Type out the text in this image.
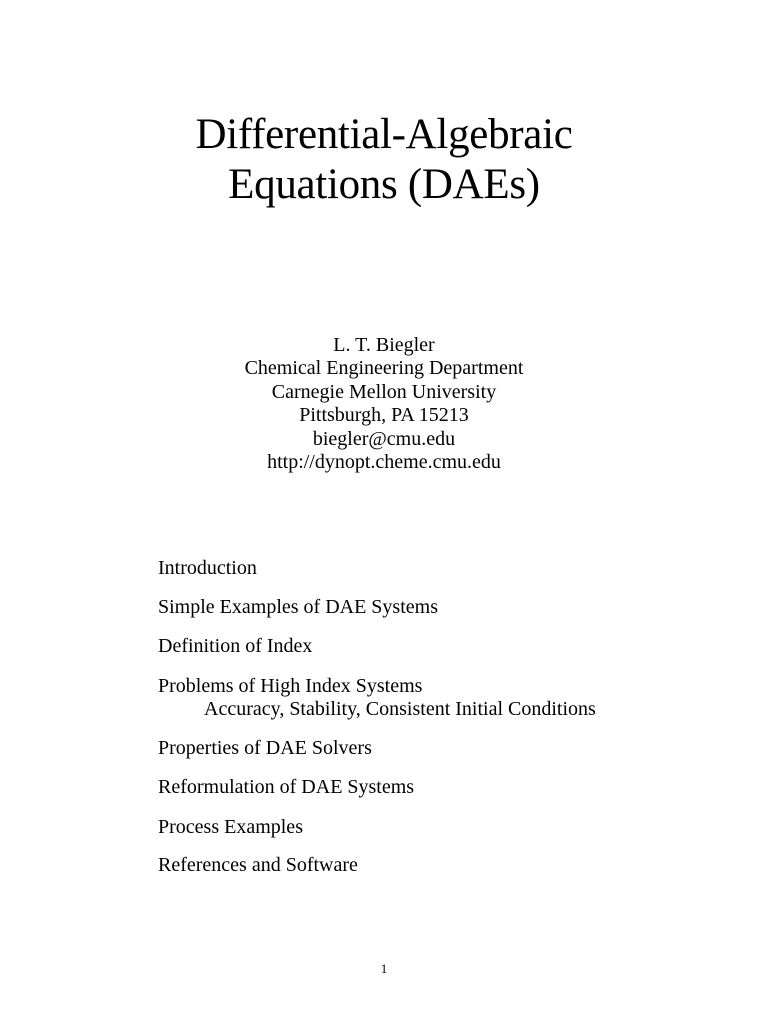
Differential-Algebraic
Equations (DAEs)
L. T. Biegler
Chemical Engineering Department
Carnegie Mellon University
Pittsburgh, PA 15213
biegler@cmu.edu
http://dynopt.cheme.cmu.edu
Introduction
Simple Examples of DAE Systems
Definition of Index
Problems of High Index Systems
Accuracy, Stability, Consistent Initial Conditions
Properties of DAE Solvers
Reformulation of DAE Systems
Process Examples
References and Software
1
